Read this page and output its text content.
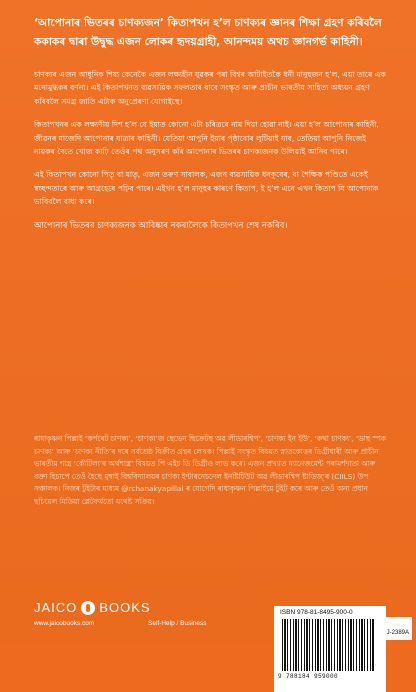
‘আপোনাৰ ভিতৰৰ চাণক্যজন’ কিতাপখন হ’ল চাণক্যৰ জ্ঞানৰ শিক্ষা গ্ৰহণ কৰিবলৈ ককাকৰ দ্বাৰা উদ্বুদ্ধ এজন লোকৰ হৃদয়গ্ৰাহী, আনন্দময় অথচ জ্ঞানগৰ্ভ কাহিনী।

চাণক্যৰ এজন আধুনিক শিষ্য কেনেকৈ এজন লক্ষ্যহীন যুৱকৰ পৰা বিশ্বৰ আটাইতকৈ ধনী মানুহজন হ’ল, এয়া তাৰে এক মনোমুগ্ধকৰ বৰ্ণনা। এই কিতাপখনত ব্যৱসায়িক সফলতাৰ বাবে সংস্কৃত আৰু প্ৰাচীন ভাৰতীয় সাহিত্য অধ্যয়ন গ্ৰহণ কৰিবলৈ সমগ্ৰ জাতি এটাক অনুপ্ৰেৰণা যোগাইছে।

কিতাপখনৰ এক লক্ষ্যণীয় দিশ হ’ল যে ইয়াত কোনো এটা চৰিত্ৰৰে নাম দিয়া হোৱা নাই। এয়া হ’ল আপোনাৰ কাহিনী, জীৱনৰ মাজেদি আপোনাৰ যাত্ৰাৰ কাহিনী। যেতিয়া আপুনি ইয়াৰ পৃষ্ঠাবোৰ লুটিয়াই যাব, তেতিয়া আপুনি নিজেই নায়কৰ দৈতে খোজ কাঢ়ি তেওঁৰ পথ অনুসৰণ কৰি আপোনাৰ ভিতৰৰ চাণক্যজনক উলিয়াই আনিব পাৰে।

এই কিতাপখন কোনো পিতৃ বা মাতৃ, এজন তৰুণ সাবালক, এজন ব্যৱসায়িক ধনকুবেৰ, বা শৈক্ষিক পণ্ডিতে একেই স্বচ্ছন্দতাৰে আৰু আগ্ৰহেৰে পঢ়িব পাৰে। এইখন হ’ল মানুহৰ কাৰণে কিতাপ, ই হ’ল এনে এখন কিতাপ যি আপোনাক ভাবিবলৈ বাধ্য কৰে।

আপোনাৰ ভিতৰৰ চাণক্যজনক আবিষ্কাৰ নকৰালৈকে কিতাপখন শেষ নকৰিব।

ৰাধাকৃষ্ণন পিল্লাই ‘কৰ্পৰেট চাণক্য’, ‘চাণক্য’জ ছেভেন ছিক্ৰেটছ অৱ লীডাৰশ্বিপ’, ‘চাণক্য ইন ইউ’, ‘কথা চাণক্য’, ‘ডাছ স্পক চাণক্য’ আৰু ‘চাণক্য নীতি’ৰ দৰে সৰ্বশ্ৰেষ্ঠ বিক্ৰীত গ্ৰন্থৰ লেখক। পিল্লাই সংস্কৃত বিষয়ত স্নাতকোত্তৰ ডিগ্ৰীধাৰী আৰু প্ৰাচীন ভাৰতীয় শাস্ত্ৰ ‘কৌটিল্য’ৰ অৰ্থশাস্ত্ৰ’ বিষয়ত পি এইচ ডি ডিগ্ৰীও লাভ কৰে। এজন প্ৰখ্যাত ম্যানেজমেন্ট পৰামৰ্শদাতা আৰু বক্তা হিচাপে তেওঁ হৈছে মুম্বাই বিশ্ববিদ্যালয়ৰ চাণক্য ইণ্টাৰনেচনেল ইনষ্টিটিউট অৱ লীডাৰশ্বিপ ষ্টাডিজ্‌’ৰ (CIILS) উপ সঞ্চালক। নিজৰ টুইটাৰ মাধ্যম @rchanakyapillai ৰ যোগেদি ৰাধাকৃষ্ণন পিল্লাইয়ে টুইট কৰে আৰু তেওঁ অন্য প্ৰধান ছচিয়েল মিডিয়া প্লেটফৰ্মতো যথেষ্ট সক্ৰিয়।
JAICO BOOKS
www.jaicobooks.com	Self-Help / Business
ISBN 978-81-8495-900-0
9 788184 959000
J-2389A
